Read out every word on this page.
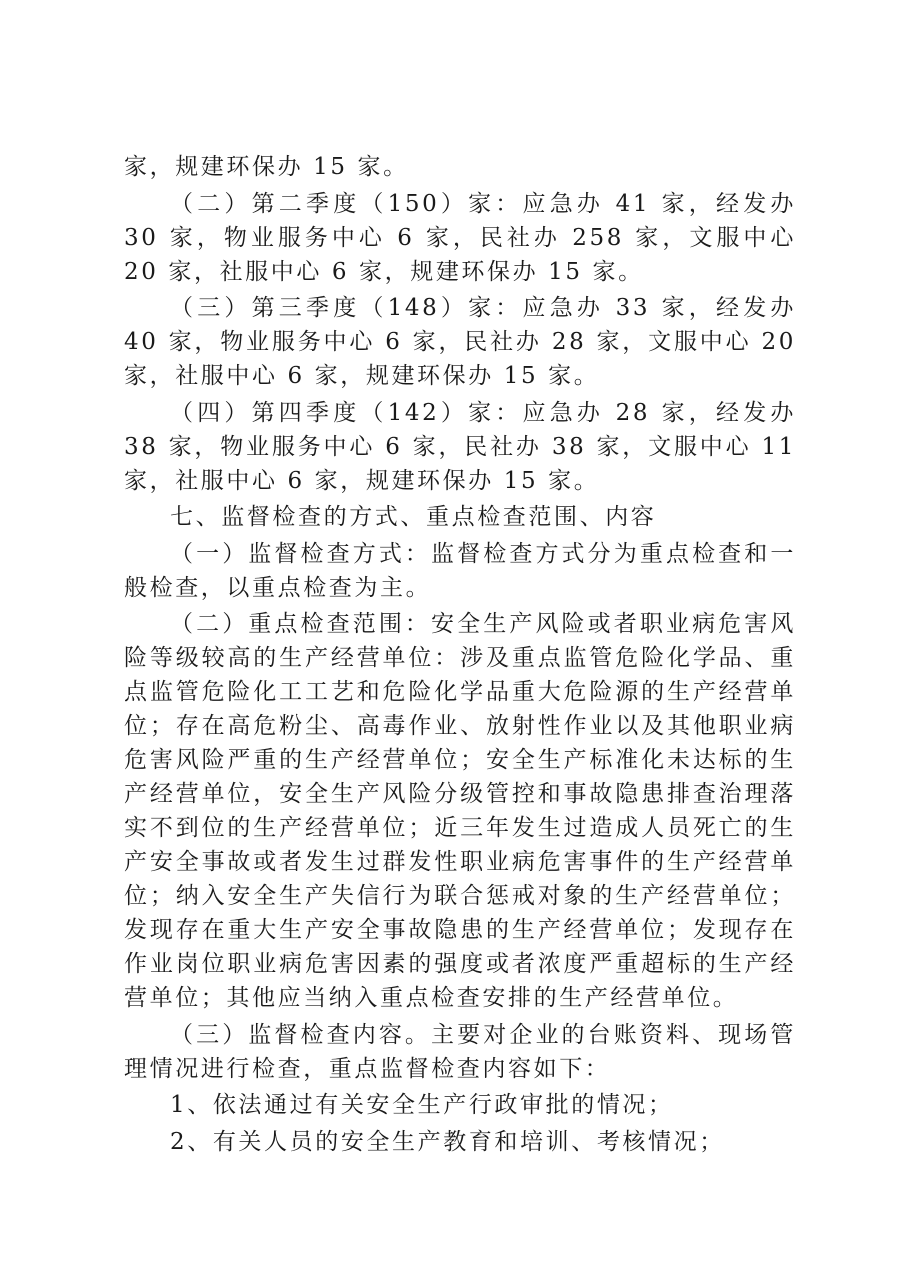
家，规建环保办 15 家。

（二）第二季度（150）家：应急办 41 家，经发办 30 家，物业服务中心 6 家，民社办 258 家，文服中心 20 家，社服中心 6 家，规建环保办 15 家。

（三）第三季度（148）家：应急办 33 家，经发办 40 家，物业服务中心 6 家，民社办 28 家，文服中心 20 家，社服中心 6 家，规建环保办 15 家。

（四）第四季度（142）家：应急办 28 家，经发办 38 家，物业服务中心 6 家，民社办 38 家，文服中心 11 家，社服中心 6 家，规建环保办 15 家。

七、监督检查的方式、重点检查范围、内容

（一）监督检查方式：监督检查方式分为重点检查和一般检查，以重点检查为主。

（二）重点检查范围：安全生产风险或者职业病危害风险等级较高的生产经营单位：涉及重点监管危险化学品、重点监管危险化工工艺和危险化学品重大危险源的生产经营单位；存在高危粉尘、高毒作业、放射性作业以及其他职业病危害风险严重的生产经营单位；安全生产标准化未达标的生产经营单位，安全生产风险分级管控和事故隐患排查治理落实不到位的生产经营单位；近三年发生过造成人员死亡的生产安全事故或者发生过群发性职业病危害事件的生产经营单位；纳入安全生产失信行为联合惩戒对象的生产经营单位；发现存在重大生产安全事故隐患的生产经营单位；发现存在作业岗位职业病危害因素的强度或者浓度严重超标的生产经营单位；其他应当纳入重点检查安排的生产经营单位。

（三）监督检查内容。主要对企业的台账资料、现场管理情况进行检查，重点监督检查内容如下：

1、依法通过有关安全生产行政审批的情况；

2、有关人员的安全生产教育和培训、考核情况；
